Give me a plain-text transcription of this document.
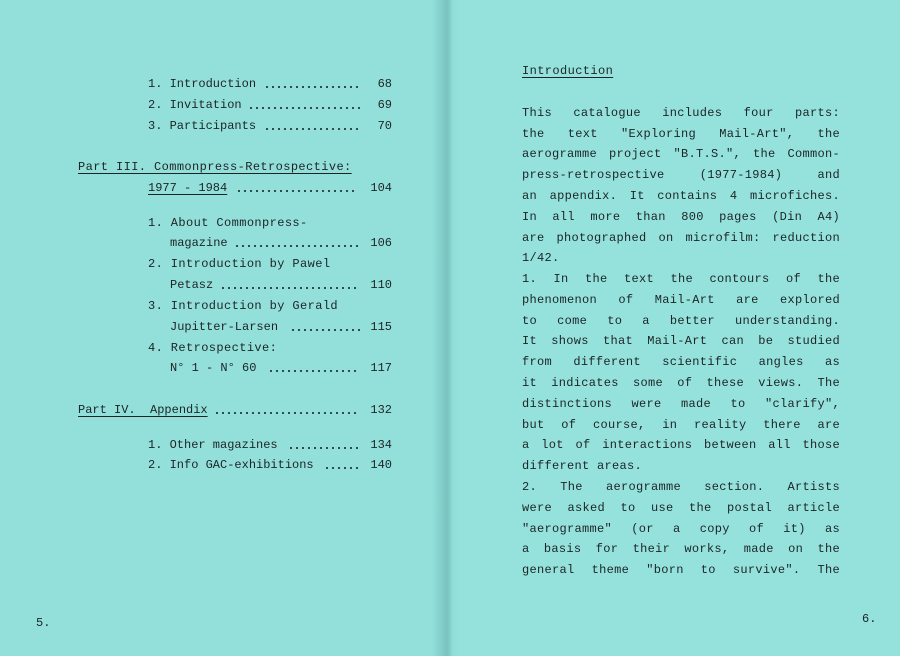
1. Introduction	68
2. Invitation	69
3. Participants	70
Part III. Commonpress-Retrospective:
1977 - 1984	104
1. About Commonpress-
magazine	106
2. Introduction by Pawel
Petasz	110
3. Introduction by Gerald
Jupitter-Larsen	115
4. Retrospective:
N° 1 - N° 60	117
Part IV.  Appendix	132
1. Other magazines	134
2. Info GAC-exhibitions	140
5.
Introduction
This catalogue includes four parts:
the text "Exploring Mail-Art", the
aerogramme project "B.T.S.", the Common-
press-retrospective (1977-1984) and
an appendix. It contains 4 microfiches.
In all more than 800 pages (Din A4)
are photographed on microfilm: reduction
1/42.
1. In the text the contours of the
phenomenon of Mail-Art are explored
to come to a better understanding.
It shows that Mail-Art can be studied
from different scientific angles as
it indicates some of these views. The
distinctions were made to "clarify",
but of course, in reality there are
a lot of interactions between all those
different areas.
2. The aerogramme section. Artists
were asked to use the postal article
"aerogramme" (or a copy of it) as
a basis for their works, made on the
general theme "born to survive". The
6.
